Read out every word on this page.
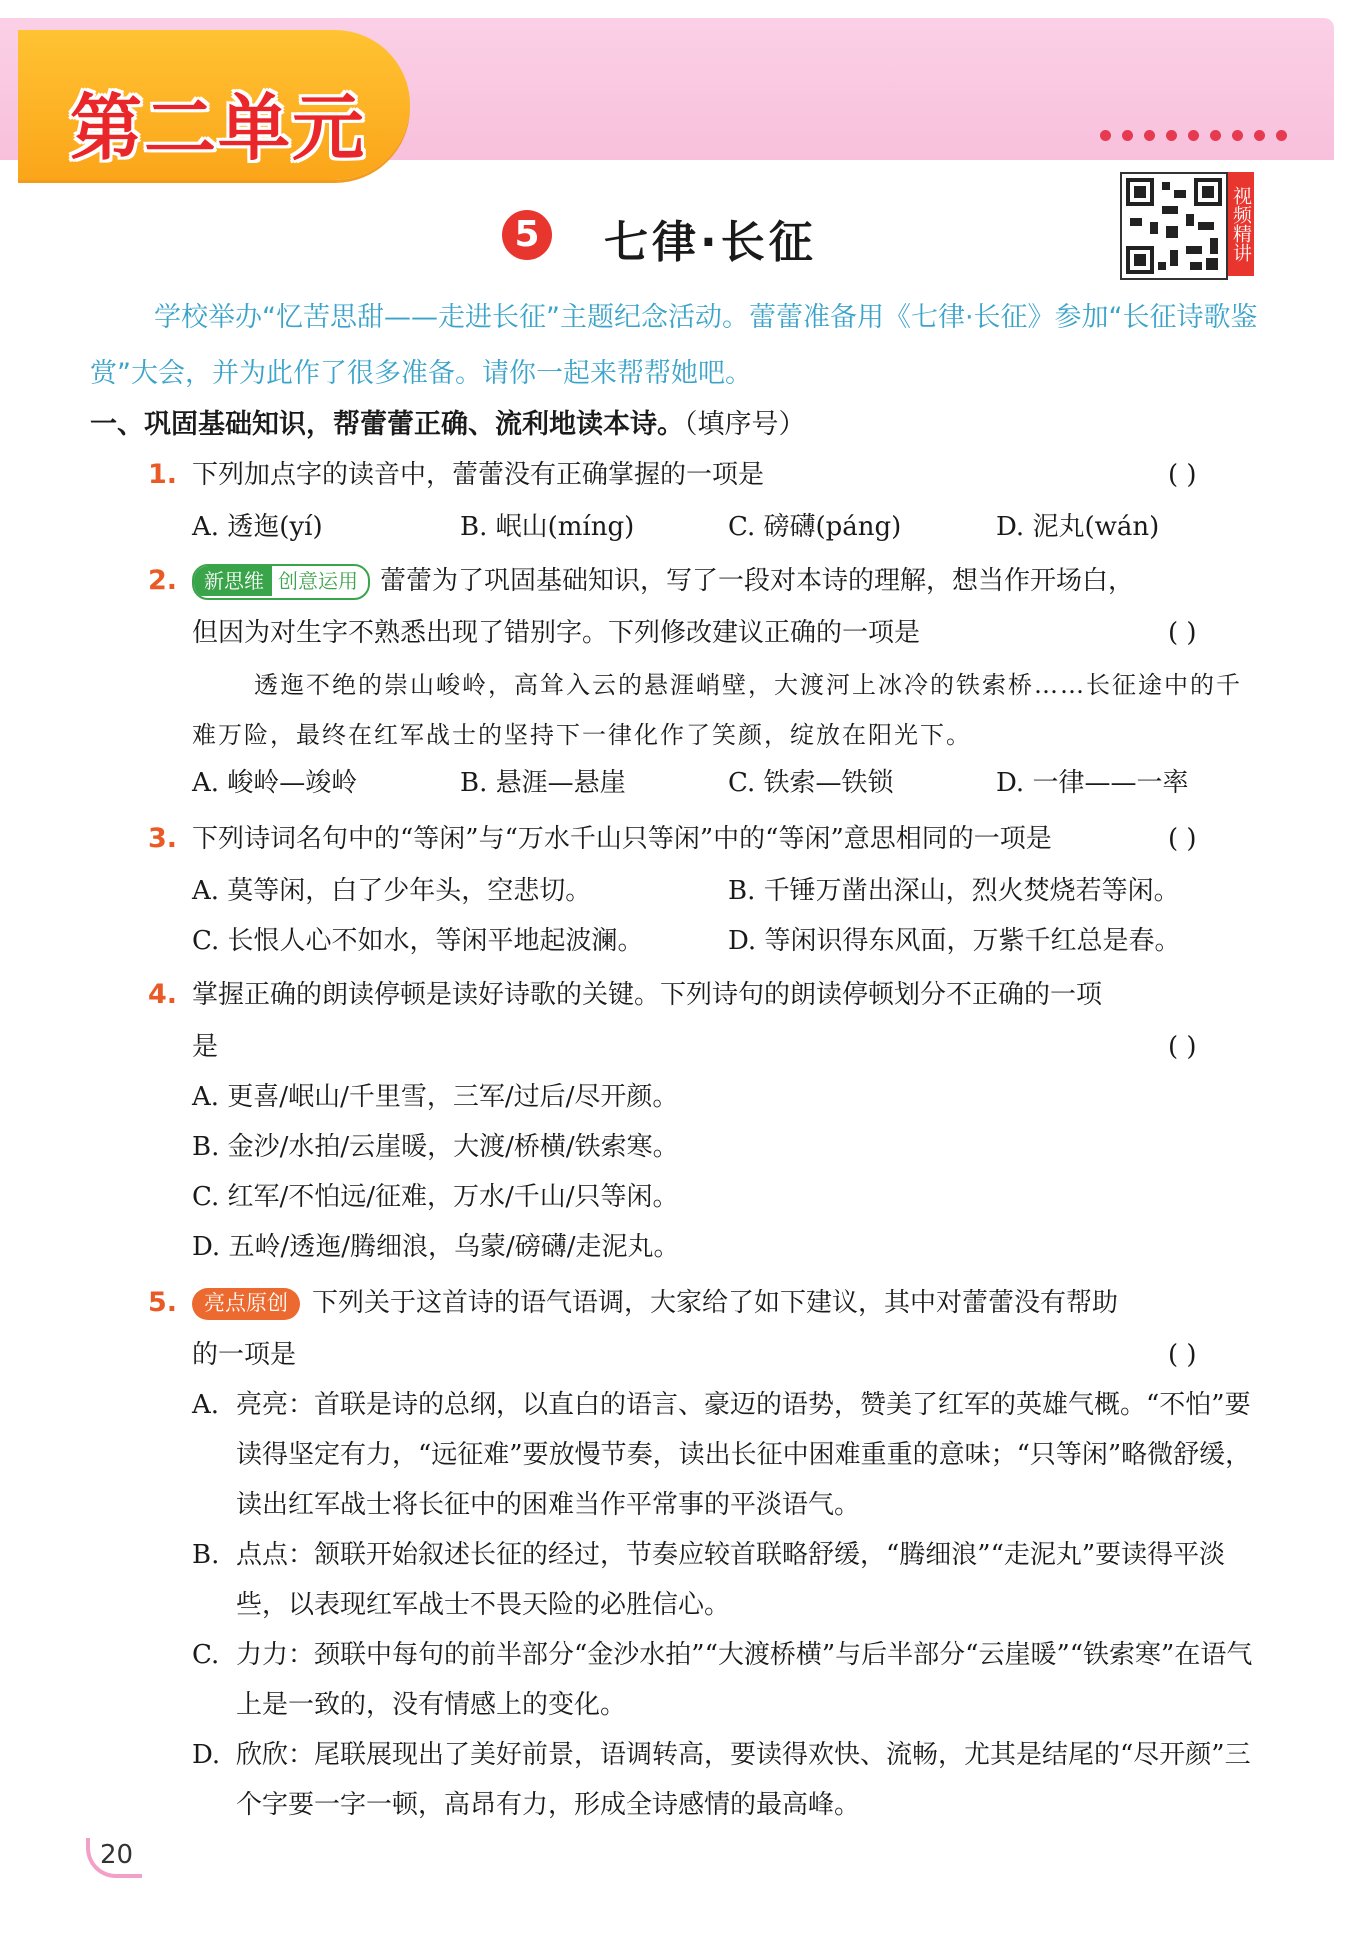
第二单元
5 七律·长征	视频精讲

学校举办“忆苦思甜——走进长征”主题纪念活动。蕾蕾准备用《七律·长征》参加“长征诗歌鉴赏”大会，并为此作了很多准备。请你一起来帮帮她吧。

一、巩固基础知识，帮蕾蕾正确、流利地读本诗。（填序号）
1. 下列加点字的读音中，蕾蕾没有正确掌握的一项是	( )
A. 透迤(yí)	B. 岷山(míng)	C. 磅礴(páng)	D. 泥丸(wán)
2.	新思维 创意运用 蕾蕾为了巩固基础知识，写了一段对本诗的理解，想当作开场白，
但因为对生字不熟悉出现了错别字。下列修改建议正确的一项是	( )

透迤不绝的崇山峻岭，高耸入云的悬涯峭壁，大渡河上冰冷的铁索桥……长征途中的千难万险，最终在红军战士的坚持下一律化作了笑颜，绽放在阳光下。

A. 峻岭—竣岭	B. 悬涯—悬崖	C. 铁索—铁锁	D. 一律——一率
3. 下列诗词名句中的“等闲”与“万水千山只等闲”中的“等闲”意思相同的一项是	( )
A. 莫等闲，白了少年头，空悲切。	B. 千锤万凿出深山，烈火焚烧若等闲。
C. 长恨人心不如水，等闲平地起波澜。	D. 等闲识得东风面，万紫千红总是春。
4. 掌握正确的朗读停顿是读好诗歌的关键。下列诗句的朗读停顿划分不正确的一项
是	( )
A. 更喜/岷山/千里雪，三军/过后/尽开颜。
B. 金沙/水拍/云崖暖，大渡/桥横/铁索寒。
C. 红军/不怕远/征难，万水/千山/只等闲。
D. 五岭/透迤/腾细浪，乌蒙/磅礴/走泥丸。
5.	亮点原创 下列关于这首诗的语气语调，大家给了如下建议，其中对蕾蕾没有帮助
的一项是	( )
A. 亮亮：首联是诗的总纲，以直白的语言、豪迈的语势，赞美了红军的英雄气概。“不怕”要读得坚定有力，“远征难”要放慢节奏，读出长征中困难重重的意味；“只等闲”略微舒缓，读出红军战士将长征中的困难当作平常事的平淡语气。
B. 点点：颔联开始叙述长征的经过，节奏应较首联略舒缓，“腾细浪”“走泥丸”要读得平淡些，以表现红军战士不畏天险的必胜信心。
C. 力力：颈联中每句的前半部分“金沙水拍”“大渡桥横”与后半部分“云崖暖”“铁索寒”在语气上是一致的，没有情感上的变化。
D. 欣欣：尾联展现出了美好前景，语调转高，要读得欢快、流畅，尤其是结尾的“尽开颜”三个字要一字一顿，高昂有力，形成全诗感情的最高峰。
20
